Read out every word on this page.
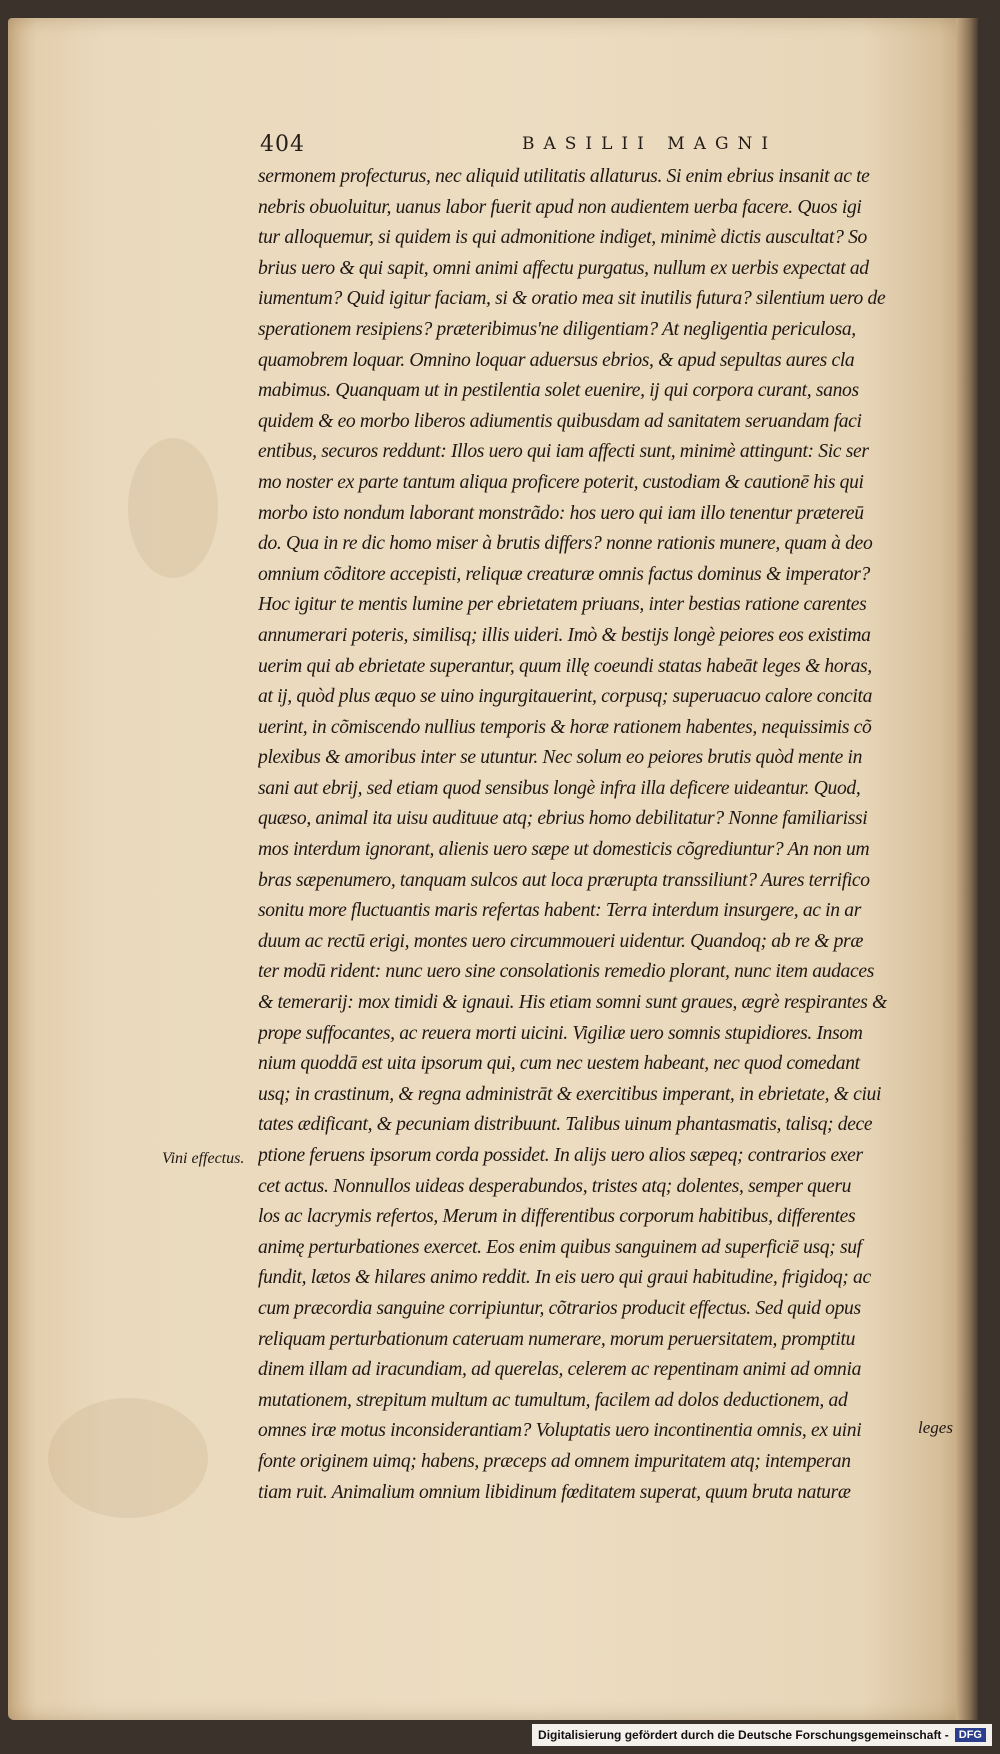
404	BASILII MAGNI
sermonem profecturus, nec aliquid utilitatis allaturus. Si enim ebrius insanit ac te
nebris obuoluitur, uanus labor fuerit apud non audientem uerba facere. Quos igi
tur alloquemur, si quidem is qui admonitione indiget, minimè dictis auscultat? So
brius uero & qui sapit, omni animi affectu purgatus, nullum ex uerbis expectat ad
iumentum? Quid igitur faciam, si & oratio mea sit inutilis futura? silentium uero de
sperationem resipiens? præteribimus'ne diligentiam? At negligentia periculosa,
quamobrem loquar. Omnino loquar aduersus ebrios, & apud sepultas aures cla
mabimus. Quanquam ut in pestilentia solet euenire, ij qui corpora curant, sanos
quidem & eo morbo liberos adiumentis quibusdam ad sanitatem seruandam faci
entibus, securos reddunt: Illos uero qui iam affecti sunt, minimè attingunt: Sic ser
mo noster ex parte tantum aliqua proficere poterit, custodiam & cautionē his qui
morbo isto nondum laborant monstrãdo: hos uero qui iam illo tenentur prætereū
do. Qua in re dic homo miser à brutis differs? nonne rationis munere, quam à deo
omnium cõditore accepisti, reliquæ creaturæ omnis factus dominus & imperator?
Hoc igitur te mentis lumine per ebrietatem priuans, inter bestias ratione carentes
annumerari poteris, similisq; illis uideri. Imò & bestijs longè peiores eos existima
uerim qui ab ebrietate superantur, quum illę coeundi statas habeāt leges & horas,
at ij, quòd plus æquo se uino ingurgitauerint, corpusq; superuacuo calore concita
uerint, in cõmiscendo nullius temporis & horæ rationem habentes, nequissimis cõ
plexibus & amoribus inter se utuntur. Nec solum eo peiores brutis quòd mente in
sani aut ebrij, sed etiam quod sensibus longè infra illa deficere uideantur. Quod,
quæso, animal ita uisu audituue atq; ebrius homo debilitatur? Nonne familiarissi
mos interdum ignorant, alienis uero sæpe ut domesticis cõgrediuntur? An non um
bras sæpenumero, tanquam sulcos aut loca prærupta transsiliunt? Aures terrifico
sonitu more fluctuantis maris refertas habent: Terra interdum insurgere, ac in ar
duum ac rectū erigi, montes uero circummoueri uidentur. Quandoq; ab re & præ
ter modū rident: nunc uero sine consolationis remedio plorant, nunc item audaces
& temerarij: mox timidi & ignaui. His etiam somni sunt graues, ægrè respirantes &
prope suffocantes, ac reuera morti uicini. Vigiliæ uero somnis stupidiores. Insom
nium quoddā est uita ipsorum qui, cum nec uestem habeant, nec quod comedant
usq; in crastinum, & regna administrāt & exercitibus imperant, in ebrietate, & ciui
tates ædificant, & pecuniam distribuunt. Talibus uinum phantasmatis, talisq; dece
ptione feruens ipsorum corda possidet. In alijs uero alios sæpeq; contrarios exer
cet actus. Nonnullos uideas desperabundos, tristes atq; dolentes, semper queru
los ac lacrymis refertos, Merum in differentibus corporum habitibus, differentes
animę perturbationes exercet. Eos enim quibus sanguinem ad superficiē usq; suf
fundit, lætos & hilares animo reddit. In eis uero qui graui habitudine, frigidoq; ac
cum præcordia sanguine corripiuntur, cõtrarios producit effectus. Sed quid opus
reliquam perturbationum cateruam numerare, morum peruersitatem, promptitu
dinem illam ad iracundiam, ad querelas, celerem ac repentinam animi ad omnia
mutationem, strepitum multum ac tumultum, facilem ad dolos deductionem, ad
omnes iræ motus inconsiderantiam? Voluptatis uero incontinentia omnis, ex uini
fonte originem uimq; habens, præceps ad omnem impuritatem atq; intemperan
tiam ruit. Animalium omnium libidinum fœditatem superat, quum bruta naturæ
Vini effectus.
leges
Digitalisierung gefördert durch die Deutsche Forschungsgemeinschaft - DFG
